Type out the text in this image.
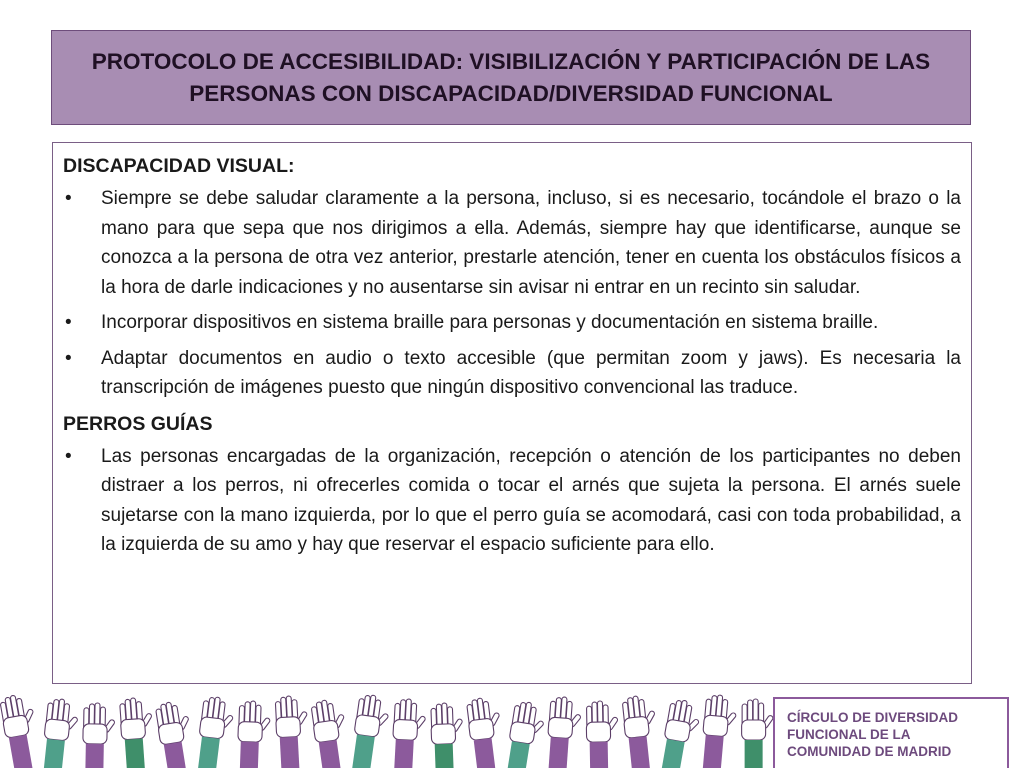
PROTOCOLO DE ACCESIBILIDAD: VISIBILIZACIÓN Y PARTICIPACIÓN DE LAS
PERSONAS CON DISCAPACIDAD/DIVERSIDAD FUNCIONAL
DISCAPACIDAD VISUAL:
• Siempre se debe saludar claramente a la persona, incluso, si es necesario, tocándole el brazo o la mano para que sepa que nos dirigimos a ella. Además, siempre hay que identificarse, aunque se conozca a la persona de otra vez anterior, prestarle atención, tener en cuenta los obstáculos físicos a la hora de darle indicaciones y no ausentarse sin avisar ni entrar en un recinto sin saludar.
• Incorporar dispositivos en sistema braille para personas y documentación en sistema braille.
• Adaptar documentos en audio o texto accesible (que permitan zoom y jaws). Es necesaria la transcripción de imágenes puesto que ningún dispositivo convencional las traduce.
PERROS GUÍAS
• Las personas encargadas de la organización, recepción o atención de los participantes no deben distraer a los perros, ni ofrecerles comida o tocar el arnés que sujeta la persona. El arnés suele sujetarse con la mano izquierda, por lo que el perro guía se acomodará, casi con toda probabilidad, a la izquierda de su amo y hay que reservar el espacio suficiente para ello.
CÍRCULO DE DIVERSIDAD
FUNCIONAL DE LA
COMUNIDAD DE MADRID
